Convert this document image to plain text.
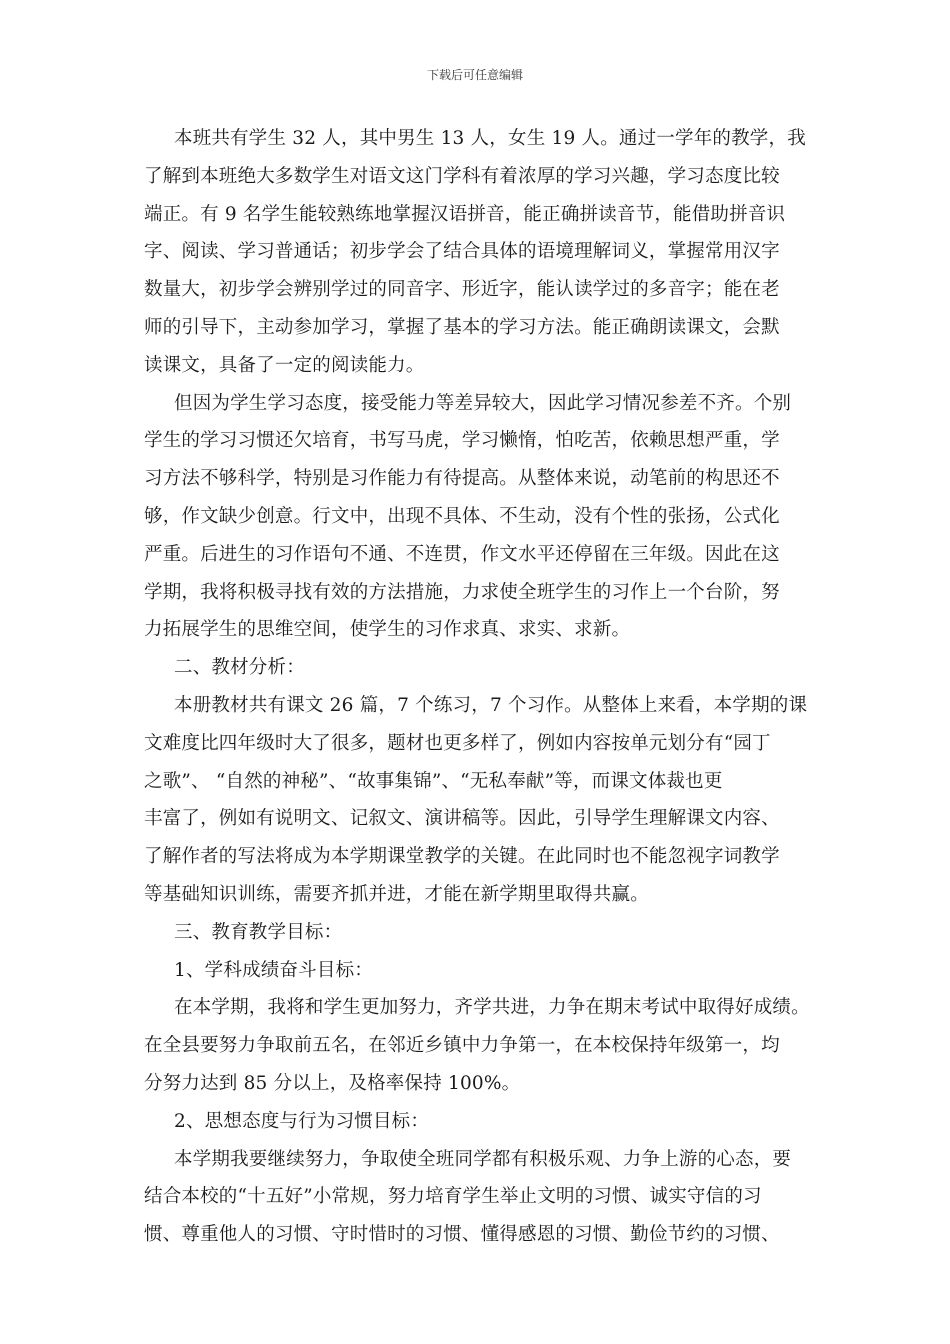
下载后可任意编辑
本班共有学生 32 人，其中男生 13 人，女生 19 人。通过一学年的教学，我
了解到本班绝大多数学生对语文这门学科有着浓厚的学习兴趣，学习态度比较
端正。有 9 名学生能较熟练地掌握汉语拼音，能正确拼读音节，能借助拼音识
字、阅读、学习普通话；初步学会了结合具体的语境理解词义，掌握常用汉字
数量大，初步学会辨别学过的同音字、形近字，能认读学过的多音字；能在老
师的引导下，主动参加学习，掌握了基本的学习方法。能正确朗读课文，会默
读课文，具备了一定的阅读能力。
但因为学生学习态度，接受能力等差异较大，因此学习情况参差不齐。个别
学生的学习习惯还欠培育，书写马虎，学习懒惰，怕吃苦，依赖思想严重，学
习方法不够科学，特别是习作能力有待提高。从整体来说，动笔前的构思还不
够，作文缺少创意。行文中，出现不具体、不生动，没有个性的张扬，公式化
严重。后进生的习作语句不通、不连贯，作文水平还停留在三年级。因此在这
学期，我将积极寻找有效的方法措施，力求使全班学生的习作上一个台阶，努
力拓展学生的思维空间，使学生的习作求真、求实、求新。
二、教材分析：
本册教材共有课文 26 篇，7 个练习，7 个习作。从整体上来看，本学期的课
文难度比四年级时大了很多，题材也更多样了，例如内容按单元划分有“园丁
之歌”、 “自然的神秘”、“故事集锦”、“无私奉献”等，而课文体裁也更
丰富了，例如有说明文、记叙文、演讲稿等。因此，引导学生理解课文内容、
了解作者的写法将成为本学期课堂教学的关键。在此同时也不能忽视字词教学
等基础知识训练，需要齐抓并进，才能在新学期里取得共赢。
三、教育教学目标：
1、学科成绩奋斗目标：
在本学期，我将和学生更加努力，齐学共进，力争在期末考试中取得好成绩。
在全县要努力争取前五名，在邻近乡镇中力争第一，在本校保持年级第一，均
分努力达到 85 分以上，及格率保持 100%。
2、思想态度与行为习惯目标：
本学期我要继续努力，争取使全班同学都有积极乐观、力争上游的心态，要
结合本校的“十五好”小常规，努力培育学生举止文明的习惯、诚实守信的习
惯、尊重他人的习惯、守时惜时的习惯、懂得感恩的习惯、勤俭节约的习惯、
